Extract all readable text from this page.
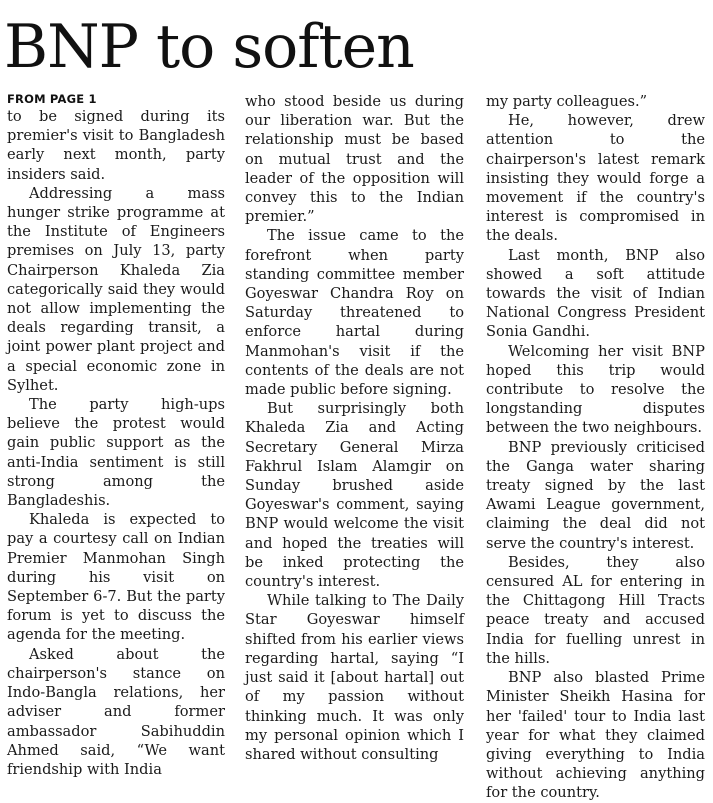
BNP to soften
FROM PAGE 1

to be signed during its premier's visit to Bangladesh early next month, party insiders said.

Addressing a mass hunger strike programme at the Institute of Engineers premises on July 13, party Chairperson Khaleda Zia categorically said they would not allow implementing the deals regarding transit, a joint power plant project and a special economic zone in Sylhet.

The party high-ups believe the protest would gain public support as the anti-India sentiment is still strong among the Bangladeshis.

Khaleda is expected to pay a courtesy call on Indian Premier Manmohan Singh during his visit on September 6-7. But the party forum is yet to discuss the agenda for the meeting.

Asked about the chairperson's stance on Indo-Bangla relations, her adviser and former ambassador Sabihuddin Ahmed said, “We want friendship with India

who stood beside us during our liberation war. But the relationship must be based on mutual trust and the leader of the opposition will convey this to the Indian premier.”

The issue came to the forefront when party standing committee member Goyeswar Chandra Roy on Saturday threatened to enforce hartal during Manmohan's visit if the contents of the deals are not made public before signing.

But surprisingly both Khaleda Zia and Acting Secretary General Mirza Fakhrul Islam Alamgir on Sunday brushed aside Goyeswar's comment, saying BNP would welcome the visit and hoped the treaties will be inked protecting the country's interest.

While talking to The Daily Star Goyeswar himself shifted from his earlier views regarding hartal, saying “I just said it [about hartal] out of my passion without thinking much. It was only my personal opinion which I shared without consulting

my party colleagues.”

He, however, drew attention to the chairperson's latest remark insisting they would forge a movement if the country's interest is compromised in the deals.

Last month, BNP also showed a soft attitude towards the visit of Indian National Congress President Sonia Gandhi.

Welcoming her visit BNP hoped this trip would contribute to resolve the longstanding disputes between the two neighbours.

BNP previously criticised the Ganga water sharing treaty signed by the last Awami League government, claiming the deal did not serve the country's interest.

Besides, they also censured AL for entering in the Chittagong Hill Tracts peace treaty and accused India for fuelling unrest in the hills.

BNP also blasted Prime Minister Sheikh Hasina for her 'failed' tour to India last year for what they claimed giving everything to India without achieving anything for the country.
